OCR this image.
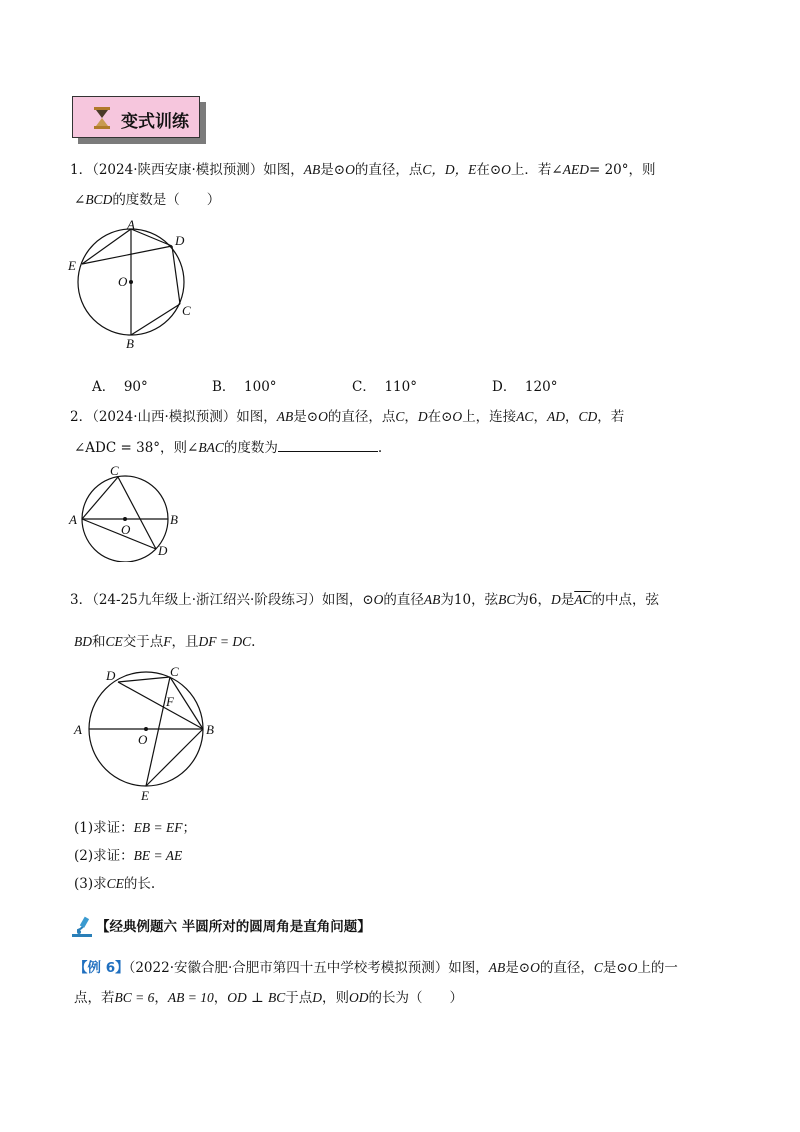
变式训练
1．（2024·陕西安康·模拟预测）如图，AB是⊙O的直径，点C，D，E在⊙O上．若∠AED= 20°，则
∠BCD的度数是（　　）
A
D
E
O
C
B
A． 90°	B． 100°	C． 110°	D． 120°
2．（2024·山西·模拟预测）如图，AB是⊙O的直径，点C，D在⊙O上，连接AC，AD，CD，若
∠ADC = 38°，则∠BAC的度数为	.
C
A
O
B
D
3．（24-25九年级上·浙江绍兴·阶段练习）如图，⊙O的直径AB为10，弦BC为6，D是$\overline{AC}$的中点，弦
BD和CE交于点F，且DF = DC.
D	C
F
A
O
B
E
(1)求证：EB = EF；
(2)求证：BE = AE
(3)求CE的长.
【经典例题六 半圆所对的圆周角是直角问题】
【例 6】（2022·安徽合肥·合肥市第四十五中学校考模拟预测）如图，AB是⊙O的直径，C是⊙O上的一
点，若BC = 6，AB = 10，OD ⊥ BC于点D，则OD的长为（　　）
